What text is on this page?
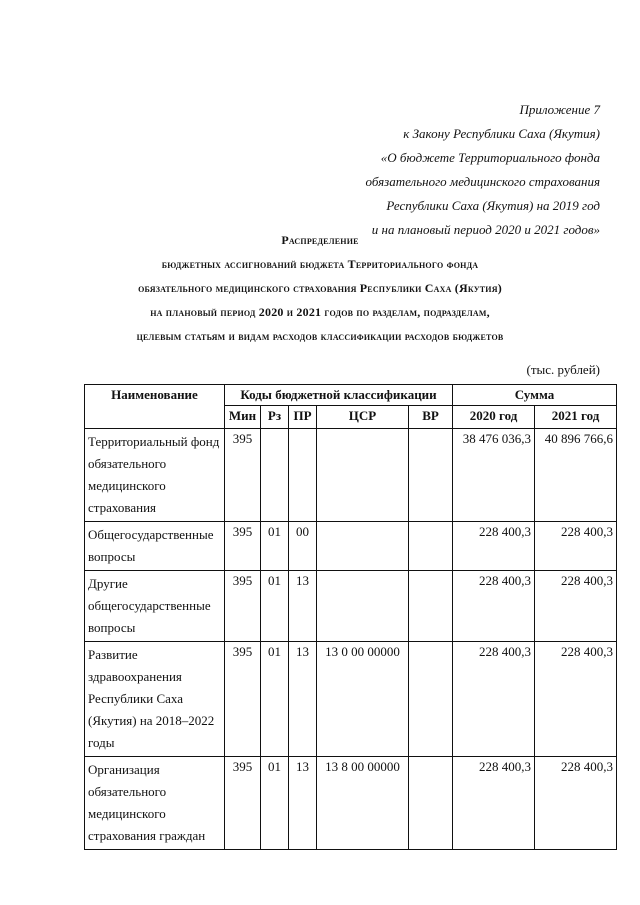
Приложение 7
к Закону Республики Саха (Якутия)
«О бюджете Территориального фонда
обязательного медицинского страхования
Республики Саха (Якутия) на 2019 год
и на плановый период 2020 и 2021 годов»
Распределение
бюджетных ассигнований бюджета Территориального фонда
обязательного медицинского страхования Республики Саха (Якутия)
на плановый период 2020 и 2021 годов по разделам, подразделам,
целевым статьям и видам расходов классификации расходов бюджетов
(тыс. рублей)
Наименование	Коды бюджетной классификации					Сумма	
	Мин	Рз	ПР	ЦСР	ВР	2020 год	2021 год
Территориальный фонд обязательного медицинского страхования	395					38 476 036,3	40 896 766,6
Общегосударственные вопросы	395	01	00			228 400,3	228 400,3
Другие общегосударственные вопросы	395	01	13			228 400,3	228 400,3
Развитие здравоохранения Республики Саха (Якутия) на 2018–2022 годы	395	01	13	13 0 00 00000		228 400,3	228 400,3
Организация обязательного медицинского страхования граждан	395	01	13	13 8 00 00000		228 400,3	228 400,3
